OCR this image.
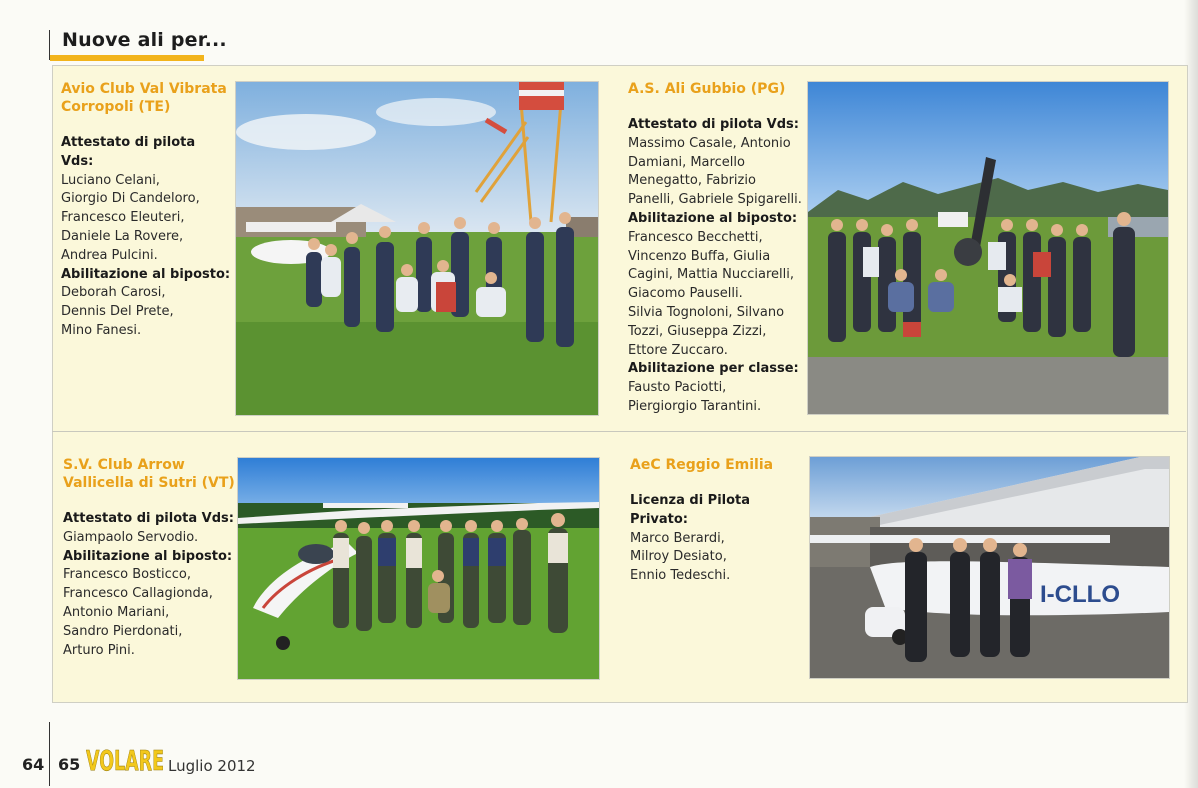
Nuove ali per...

Avio Club Val Vibrata
Corropoli (TE)

Attestato di pilota Vds:
Luciano Celani,
Giorgio Di Candeloro,
Francesco Eleuteri,
Daniele La Rovere,
Andrea Pulcini.
Abilitazione al biposto:
Deborah Carosi,
Dennis Del Prete,
Mino Fanesi.

A.S. Ali Gubbio (PG)

Attestato di pilota Vds:
Massimo Casale, Antonio
Damiani, Marcello
Menegatto, Fabrizio
Panelli, Gabriele Spigarelli.
Abilitazione al biposto:
Francesco Becchetti,
Vincenzo Buffa, Giulia
Cagini, Mattia Nucciarelli,
Giacomo Pauselli.
Silvia Tognoloni, Silvano
Tozzi, Giuseppa Zizzi,
Ettore Zuccaro.
Abilitazione per classe:
Fausto Paciotti,
Piergiorgio Tarantini.

S.V. Club Arrow
Vallicella di Sutri (VT)

Attestato di pilota Vds:
Giampaolo Servodio.
Abilitazione al biposto:
Francesco Bosticco,
Francesco Callagionda,
Antonio Mariani,
Sandro Pierdonati,
Arturo Pini.

AeC Reggio Emilia

Licenza di Pilota Privato:
Marco Berardi,
Milroy Desiato,
Ennio Tedeschi.
I-CLLO
64 65 VOLARE Luglio 2012
